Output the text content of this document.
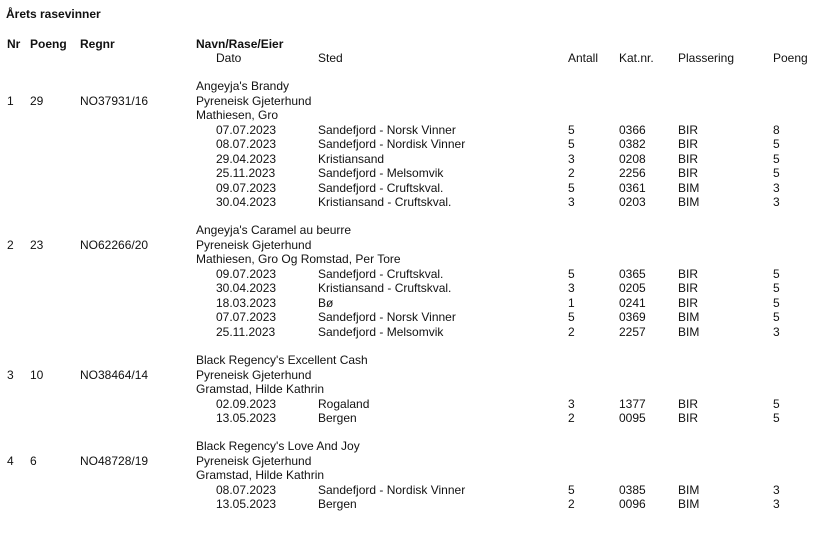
Årets rasevinner
Nr Poeng Regnr	Navn/Rase/Eier
Dato	Sted	Antall Kat.nr. Plassering	Poeng
Angeyja's Brandy
1 29	NO37931/16	Pyreneisk Gjeterhund
Mathiesen, Gro
07.07.2023	Sandefjord - Norsk Vinner	5	0366	BIR	8
08.07.2023	Sandefjord - Nordisk Vinner	5	0382	BIR	5
29.04.2023	Kristiansand	3	0208	BIR	5
25.11.2023	Sandefjord - Melsomvik	2	2256	BIR	5
09.07.2023	Sandefjord - Cruftskval.	5	0361	BIM	3
30.04.2023	Kristiansand - Cruftskval.	3	0203	BIM	3
Angeyja's Caramel au beurre
2 23	NO62266/20	Pyreneisk Gjeterhund
Mathiesen, Gro Og Romstad, Per Tore
09.07.2023	Sandefjord - Cruftskval.	5	0365	BIR	5
30.04.2023	Kristiansand - Cruftskval.	3	0205	BIR	5
18.03.2023	Bø	1	0241	BIR	5
07.07.2023	Sandefjord - Norsk Vinner	5	0369	BIM	5
25.11.2023	Sandefjord - Melsomvik	2	2257	BIM	3
Black Regency's Excellent Cash
3 10	NO38464/14	Pyreneisk Gjeterhund
Gramstad, Hilde Kathrin
02.09.2023	Rogaland	3	1377	BIR	5
13.05.2023	Bergen	2	0095	BIR	5
Black Regency's Love And Joy
4 6	NO48728/19	Pyreneisk Gjeterhund
Gramstad, Hilde Kathrin
08.07.2023	Sandefjord - Nordisk Vinner	5	0385	BIM	3
13.05.2023	Bergen	2	0096	BIM	3
